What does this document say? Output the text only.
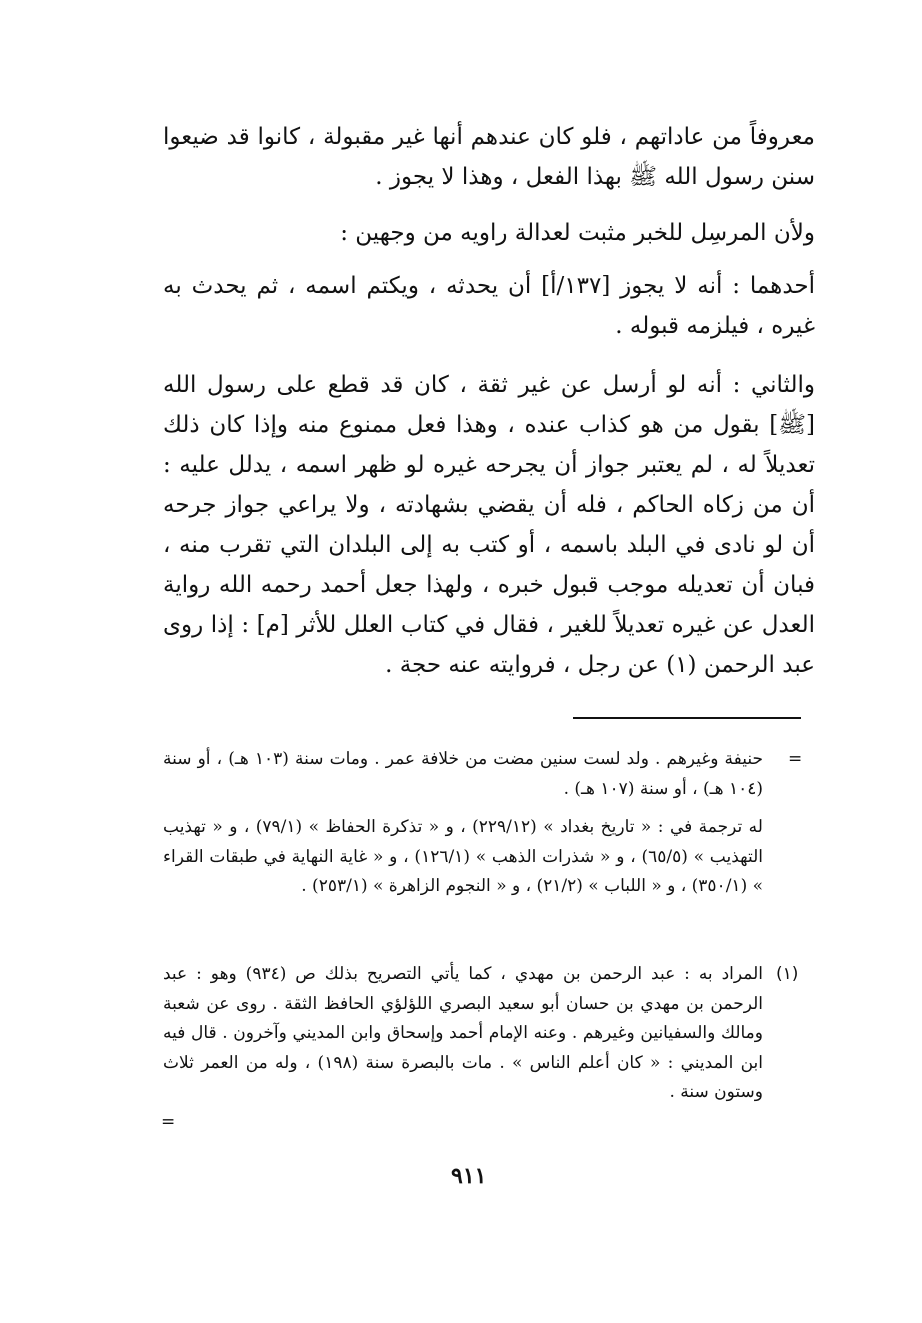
معروفاً من عاداتهم ، فلو كان عندهم أنها غير مقبولة ، كانوا قد ضيعوا سنن رسول الله ﷺ بهذا الفعل ، وهذا لا يجوز .

ولأن المرسِل للخبر مثبت لعدالة راويه من وجهين :

أحدهما : أنه لا يجوز [١٣٧/أ] أن يحدثه ، ويكتم اسمه ، ثم يحدث به غيره ، فيلزمه قبوله .

والثاني : أنه لو أرسل عن غير ثقة ، كان قد قطع على رسول الله [ﷺ] بقول من هو كذاب عنده ، وهذا فعل ممنوع منه وإذا كان ذلك تعديلاً له ، لم يعتبر جواز أن يجرحه غيره لو ظهر اسمه ، يدلل عليه : أن من زكاه الحاكم ، فله أن يقضي بشهادته ، ولا يراعي جواز جرحه أن لو نادى في البلد باسمه ، أو كتب به إلى البلدان التي تقرب منه ، فبان أن تعديله موجب قبول خبره ، ولهذا جعل أحمد رحمه الله رواية العدل عن غيره تعديلاً للغير ، فقال في كتاب العلل للأثر [م] : إذا روى عبد الرحمن (١) عن رجل ، فروايته عنه حجة .

=

حنيفة وغيرهم . ولد لست سنين مضت من خلافة عمر . ومات سنة (١٠٣ هـ) ، أو سنة (١٠٤ هـ) ، أو سنة (١٠٧ هـ) .

له ترجمة في : « تاريخ بغداد » (٢٢٩/١٢) ، و « تذكرة الحفاظ » (٧٩/١) ، و « تهذيب التهذيب » (٦٥/٥) ، و « شذرات الذهب » (١٢٦/١) ، و « غاية النهاية في طبقات القراء » (٣٥٠/١) ، و « اللباب » (٢١/٢) ، و « النجوم الزاهرة » (٢٥٣/١) .

(١)

المراد به : عبد الرحمن بن مهدي ، كما يأتي التصريح بذلك ص (٩٣٤) وهو : عبد الرحمن بن مهدي بن حسان أبو سعيد البصري اللؤلؤي الحافظ الثقة . روى عن شعبة ومالك والسفيانين وغيرهم . وعنه الإمام أحمد وإسحاق وابن المديني وآخرون . قال فيه ابن المديني : « كان أعلم الناس » . مات بالبصرة سنة (١٩٨) ، وله من العمر ثلاث وستون سنة .

=
٩١١
